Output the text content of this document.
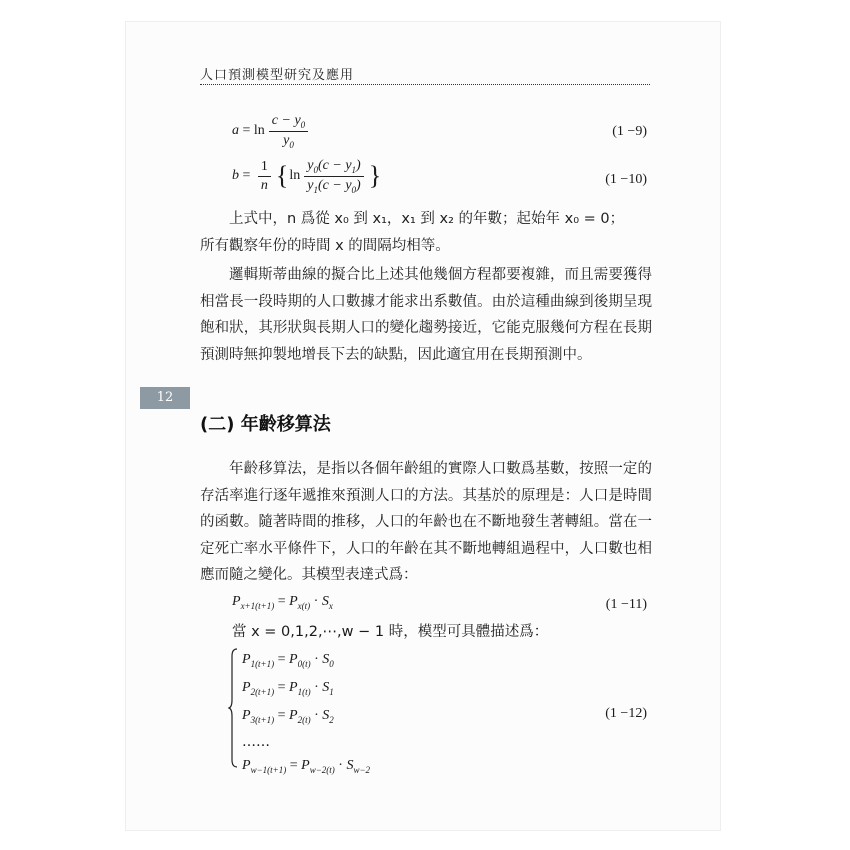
人口預測模型研究及應用
12
$a = \ln \frac{c - y_0}{y_0}$	(1 −9)
$b = \frac{1}{n}$ { $\ln \frac{y_0(c - y_1)}{y_1(c - y_0)}$ }	(1 −10)

上式中，n 爲從 x₀ 到 x₁，x₁ 到 x₂ 的年數；起始年 x₀ = 0；

所有觀察年份的時間 x 的間隔均相等。

邏輯斯蒂曲線的擬合比上述其他幾個方程都要複雜，而且需要獲得相當長一段時期的人口數據才能求出系數值。由於這種曲線到後期呈現飽和狀，其形狀與長期人口的變化趨勢接近，它能克服幾何方程在長期預測時無抑製地增長下去的缺點，因此適宜用在長期預測中。

(二) 年齡移算法

年齡移算法，是指以各個年齡組的實際人口數爲基數，按照一定的存活率進行逐年遞推來預測人口的方法。其基於的原理是：人口是時間的函數。隨著時間的推移，人口的年齡也在不斷地發生著轉組。當在一定死亡率水平條件下，人口的年齡在其不斷地轉組過程中，人口數也相應而隨之變化。其模型表達式爲：

$P_{x+1(t+1)} = P_{x(t)} \cdot S_x$	(1 −11)
當 x = 0,1,2,⋯,w − 1 時，模型可具體描述爲：
$P_{1(t+1)} = P_{0(t)} \cdot S_0$
$P_{2(t+1)} = P_{1(t)} \cdot S_1$
$P_{3(t+1)} = P_{2(t)} \cdot S_2$
……
$P_{w-1(t+1)} = P_{w-2(t)} \cdot S_{w-2}$
(1 −12)
